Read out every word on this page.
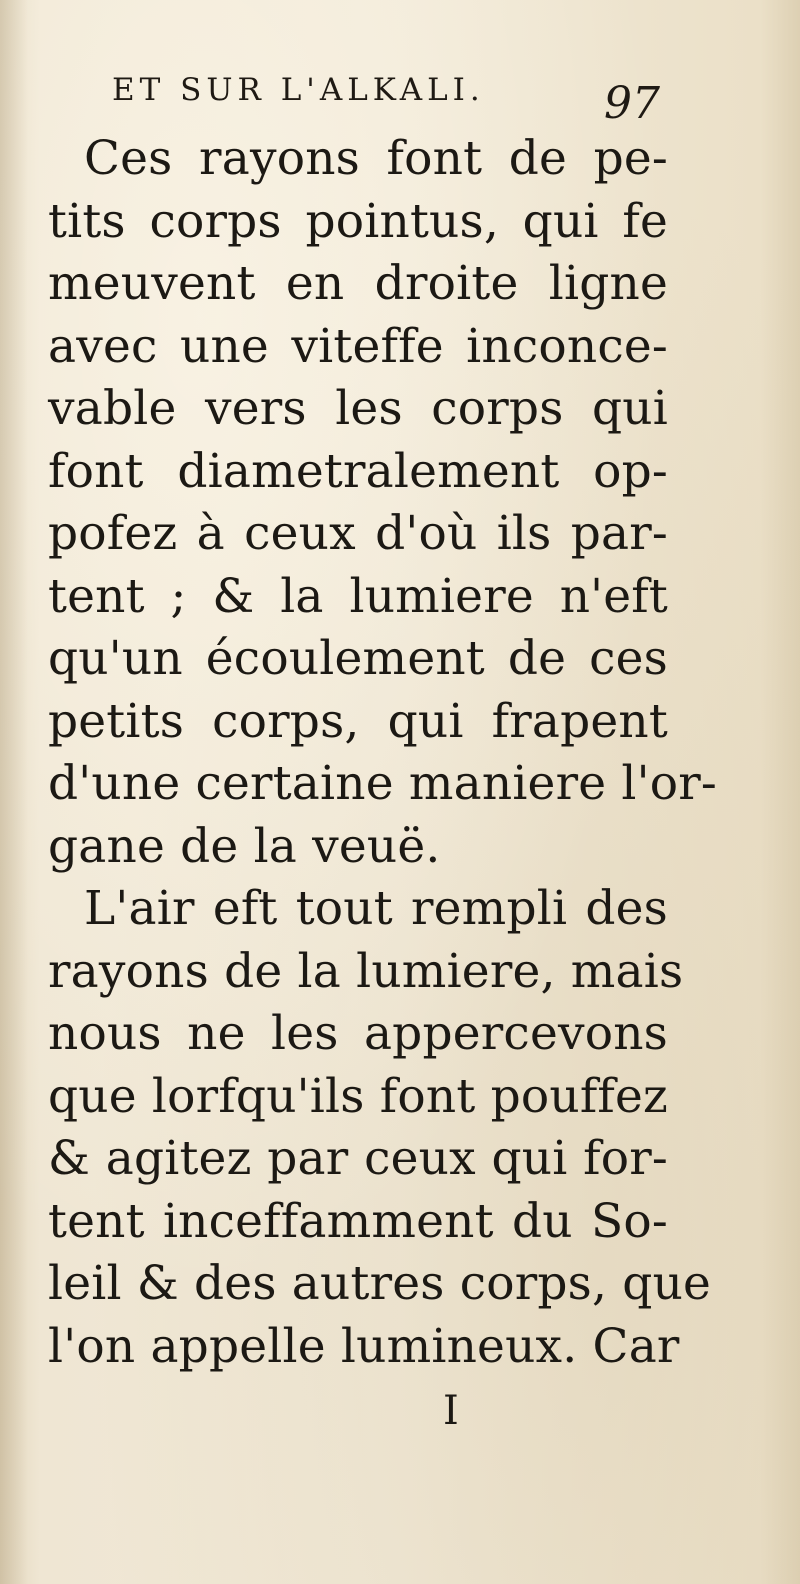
ET SUR L'ALKALI.	97
Ces rayons font de pe-
tits corps pointus, qui fe
meuvent en droite ligne
avec une viteffe inconce-
vable vers les corps qui
font diametralement op-
pofez à ceux d'où ils par-
tent ; & la lumiere n'eft
qu'un écoulement de ces
petits corps, qui frapent
d'une certaine maniere l'or-
gane de la veuë.
L'air eft tout rempli des
rayons de la lumiere, mais
nous ne les appercevons
que lorfqu'ils font pouffez
& agitez par ceux qui for-
tent inceffamment du So-
leil & des autres corps, que
l'on appelle lumineux. Car
I
